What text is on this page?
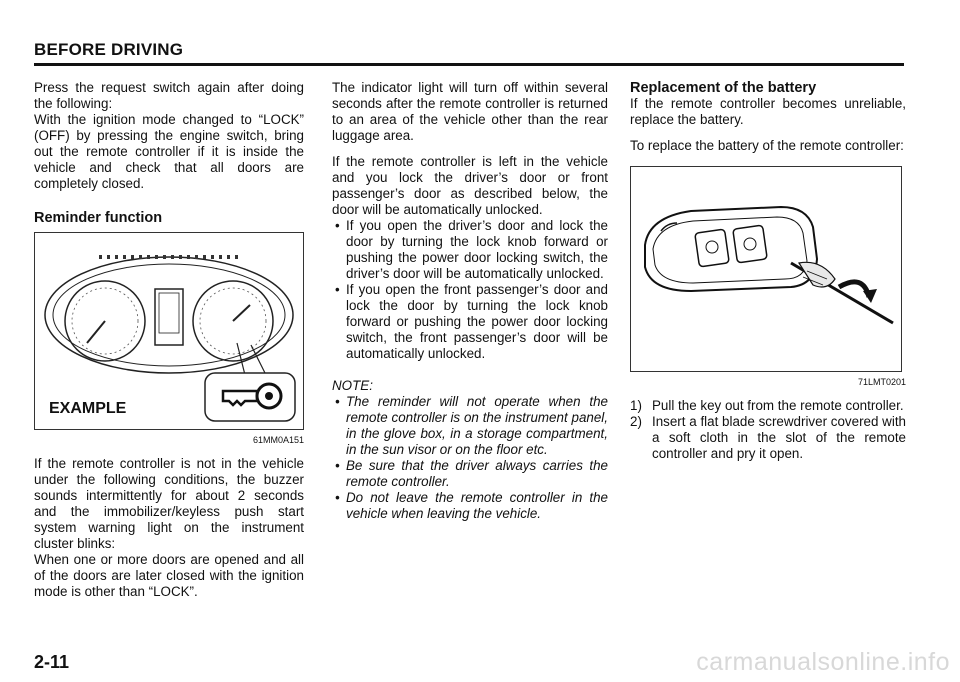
BEFORE DRIVING

Press the request switch again after doing the following:

With the ignition mode changed to “LOCK” (OFF) by pressing the engine switch, bring out the remote controller if it is inside the vehicle and check that all doors are completely closed.

Reminder function
EXAMPLE
61MM0A151

If the remote controller is not in the vehicle under the following conditions, the buzzer sounds intermittently for about 2 seconds and the immobilizer/keyless push start system warning light on the instrument cluster blinks:

When one or more doors are opened and all of the doors are later closed with the ignition mode is other than “LOCK”.

The indicator light will turn off within several seconds after the remote controller is returned to an area of the vehicle other than the rear luggage area.

If the remote controller is left in the vehicle and you lock the driver’s door or front passenger’s door as described below, the door will be automatically unlocked.

• If you open the driver’s door and lock the door by turning the lock knob forward or pushing the power door locking switch, the driver’s door will be automatically unlocked.
• If you open the front passenger’s door and lock the door by turning the lock knob forward or pushing the power door locking switch, the front passenger’s door will be automatically unlocked.
NOTE:
• The reminder will not operate when the remote controller is on the instrument panel, in the glove box, in a storage compartment, in the sun visor or on the floor etc.
• Be sure that the driver always carries the remote controller.
• Do not leave the remote controller in the vehicle when leaving the vehicle.
Replacement of the battery

If the remote controller becomes unreliable, replace the battery.

To replace the battery of the remote controller:

71LMT0201
1) Pull the key out from the remote controller.
2) Insert a flat blade screwdriver covered with a soft cloth in the slot of the remote controller and pry it open.
2-11	carmanualsonline.info
